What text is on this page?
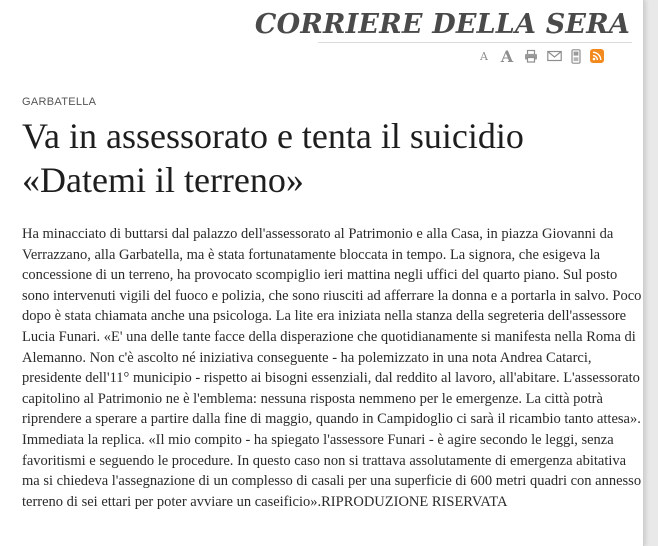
CORRIERE DELLA SERA
A A
GARBATELLA
Va in assessorato e tenta il suicidio
«Datemi il terreno»

Ha minacciato di buttarsi dal palazzo dell'assessorato al Patrimonio e alla Casa, in piazza Giovanni da Verrazzano, alla Garbatella, ma è stata fortunatamente bloccata in tempo. La signora, che esigeva la concessione di un terreno, ha provocato scompiglio ieri mattina negli uffici del quarto piano. Sul posto sono intervenuti vigili del fuoco e polizia, che sono riusciti ad afferrare la donna e a portarla in salvo. Poco dopo è stata chiamata anche una psicologa. La lite era iniziata nella stanza della segreteria dell'assessore Lucia Funari. «E' una delle tante facce della disperazione che quotidianamente si manifesta nella Roma di Alemanno. Non c'è ascolto né iniziativa conseguente - ha polemizzato in una nota Andrea Catarci, presidente dell'11° municipio - rispetto ai bisogni essenziali, dal reddito al lavoro, all'abitare. L'assessorato capitolino al Patrimonio ne è l'emblema: nessuna risposta nemmeno per le emergenze. La città potrà riprendere a sperare a partire dalla fine di maggio, quando in Campidoglio ci sarà il ricambio tanto attesa». Immediata la replica. «Il mio compito - ha spiegato l'assessore Funari - è agire secondo le leggi, senza favoritismi e seguendo le procedure. In questo caso non si trattava assolutamente di emergenza abitativa ma si chiedeva l'assegnazione di un complesso di casali per una superficie di 600 metri quadri con annesso terreno di sei ettari per poter avviare un caseificio».RIPRODUZIONE RISERVATA
